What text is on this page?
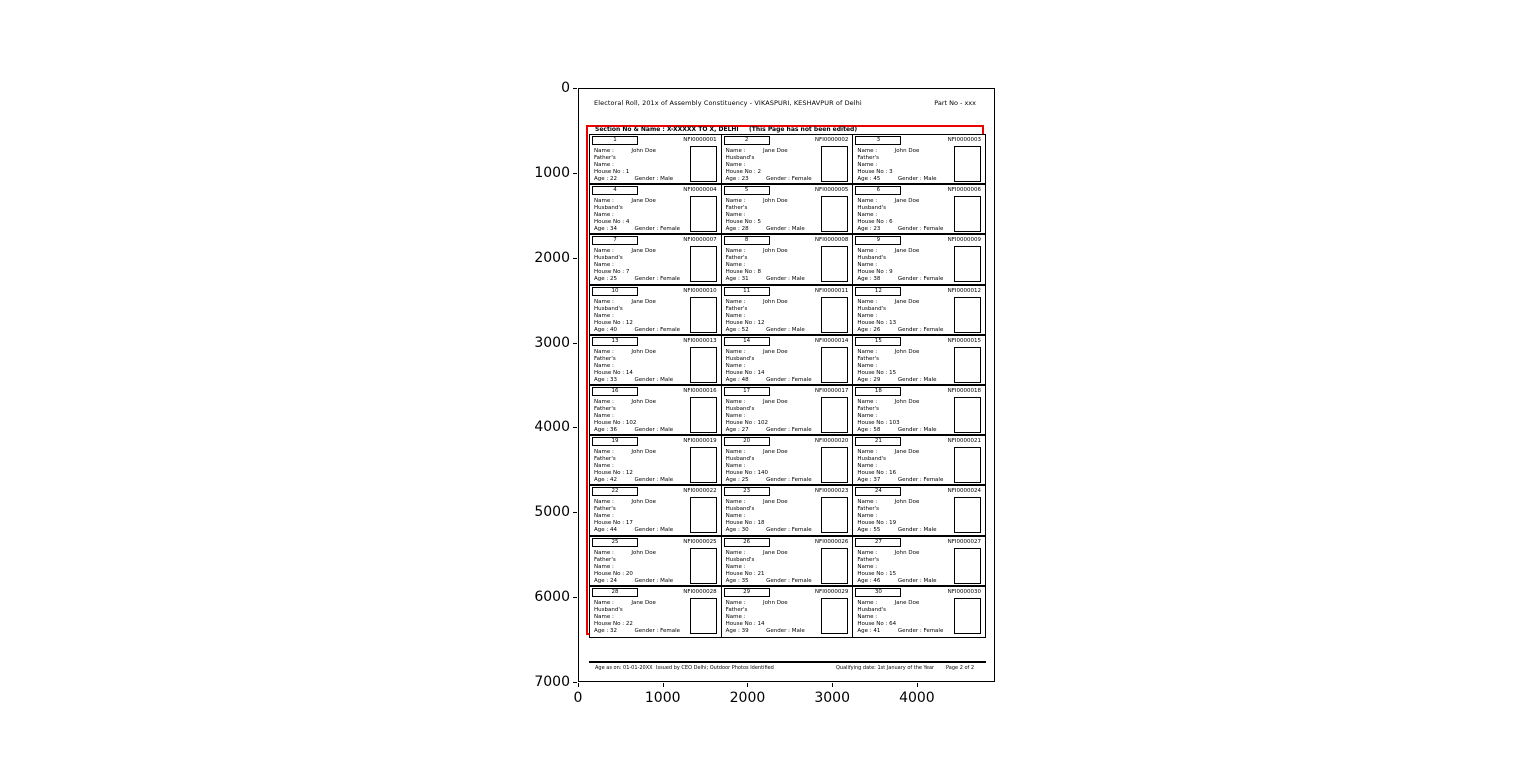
0
1000
2000
3000
4000
5000
6000
7000
0	1000	2000	3000	4000
Electoral Roll, 201x of Assembly Constituency - VIKASPURI, KESHAVPUR of Delhi	Part No - xxx
Section No & Name : X-XXXXX TO X, DELHI (This Page has not been edited)
1	NFI0000001
Name :	John Doe
Father's
Name :
House No : 1
Age : 22	Gender : Male
2	NFI0000002
Name :	Jane Doe
Husband's
Name :
House No : 2
Age : 23	Gender : Female
3	NFI0000003
Name :	John Doe
Father's
Name :
House No : 3
Age : 45	Gender : Male
4	NFI0000004
Name :	Jane Doe
Husband's
Name :
House No : 4
Age : 34	Gender : Female
5	NFI0000005
Name :	John Doe
Father's
Name :
House No : 5
Age : 28	Gender : Male
6	NFI0000006
Name :	Jane Doe
Husband's
Name :
House No : 6
Age : 23	Gender : Female
7	NFI0000007
Name :	Jane Doe
Husband's
Name :
House No : 7
Age : 25	Gender : Female
8	NFI0000008
Name :	John Doe
Father's
Name :
House No : 8
Age : 31	Gender : Male
9	NFI0000009
Name :	Jane Doe
Husband's
Name :
House No : 9
Age : 38	Gender : Female
10	NFI0000010
Name :	Jane Doe
Husband's
Name :
House No : 12
Age : 40	Gender : Female
11	NFI0000011
Name :	John Doe
Father's
Name :
House No : 12
Age : 52	Gender : Male
12	NFI0000012
Name :	Jane Doe
Husband's
Name :
House No : 13
Age : 26	Gender : Female
13	NFI0000013
Name :	John Doe
Father's
Name :
House No : 14
Age : 33	Gender : Male
14	NFI0000014
Name :	Jane Doe
Husband's
Name :
House No : 14
Age : 48	Gender : Female
15	NFI0000015
Name :	John Doe
Father's
Name :
House No : 15
Age : 29	Gender : Male
16	NFI0000016
Name :	John Doe
Father's
Name :
House No : 102
Age : 36	Gender : Male
17	NFI0000017
Name :	Jane Doe
Husband's
Name :
House No : 102
Age : 27	Gender : Female
18	NFI0000018
Name :	John Doe
Father's
Name :
House No : 103
Age : 58	Gender : Male
19	NFI0000019
Name :	John Doe
Father's
Name :
House No : 12
Age : 42	Gender : Male
20	NFI0000020
Name :	Jane Doe
Husband's
Name :
House No : 140
Age : 25	Gender : Female
21	NFI0000021
Name :	Jane Doe
Husband's
Name :
House No : 16
Age : 37	Gender : Female
22	NFI0000022
Name :	John Doe
Father's
Name :
House No : 17
Age : 44	Gender : Male
23	NFI0000023
Name :	Jane Doe
Husband's
Name :
House No : 18
Age : 30	Gender : Female
24	NFI0000024
Name :	John Doe
Father's
Name :
House No : 19
Age : 55	Gender : Male
25	NFI0000025
Name :	John Doe
Father's
Name :
House No : 20
Age : 24	Gender : Male
26	NFI0000026
Name :	Jane Doe
Husband's
Name :
House No : 21
Age : 35	Gender : Female
27	NFI0000027
Name :	John Doe
Father's
Name :
House No : 15
Age : 46	Gender : Male
28	NFI0000028
Name :	Jane Doe
Husband's
Name :
House No : 22
Age : 32	Gender : Female
29	NFI0000029
Name :	John Doe
Father's
Name :
House No : 14
Age : 39	Gender : Male
30	NFI0000030
Name :	Jane Doe
Husband's
Name :
House No : 64
Age : 41	Gender : Female
Age as on: 01-01-20XX Issued by CEO Delhi; Outdoor Photos Identified	Qualifying date: 1st January of the Year Page 2 of 2
